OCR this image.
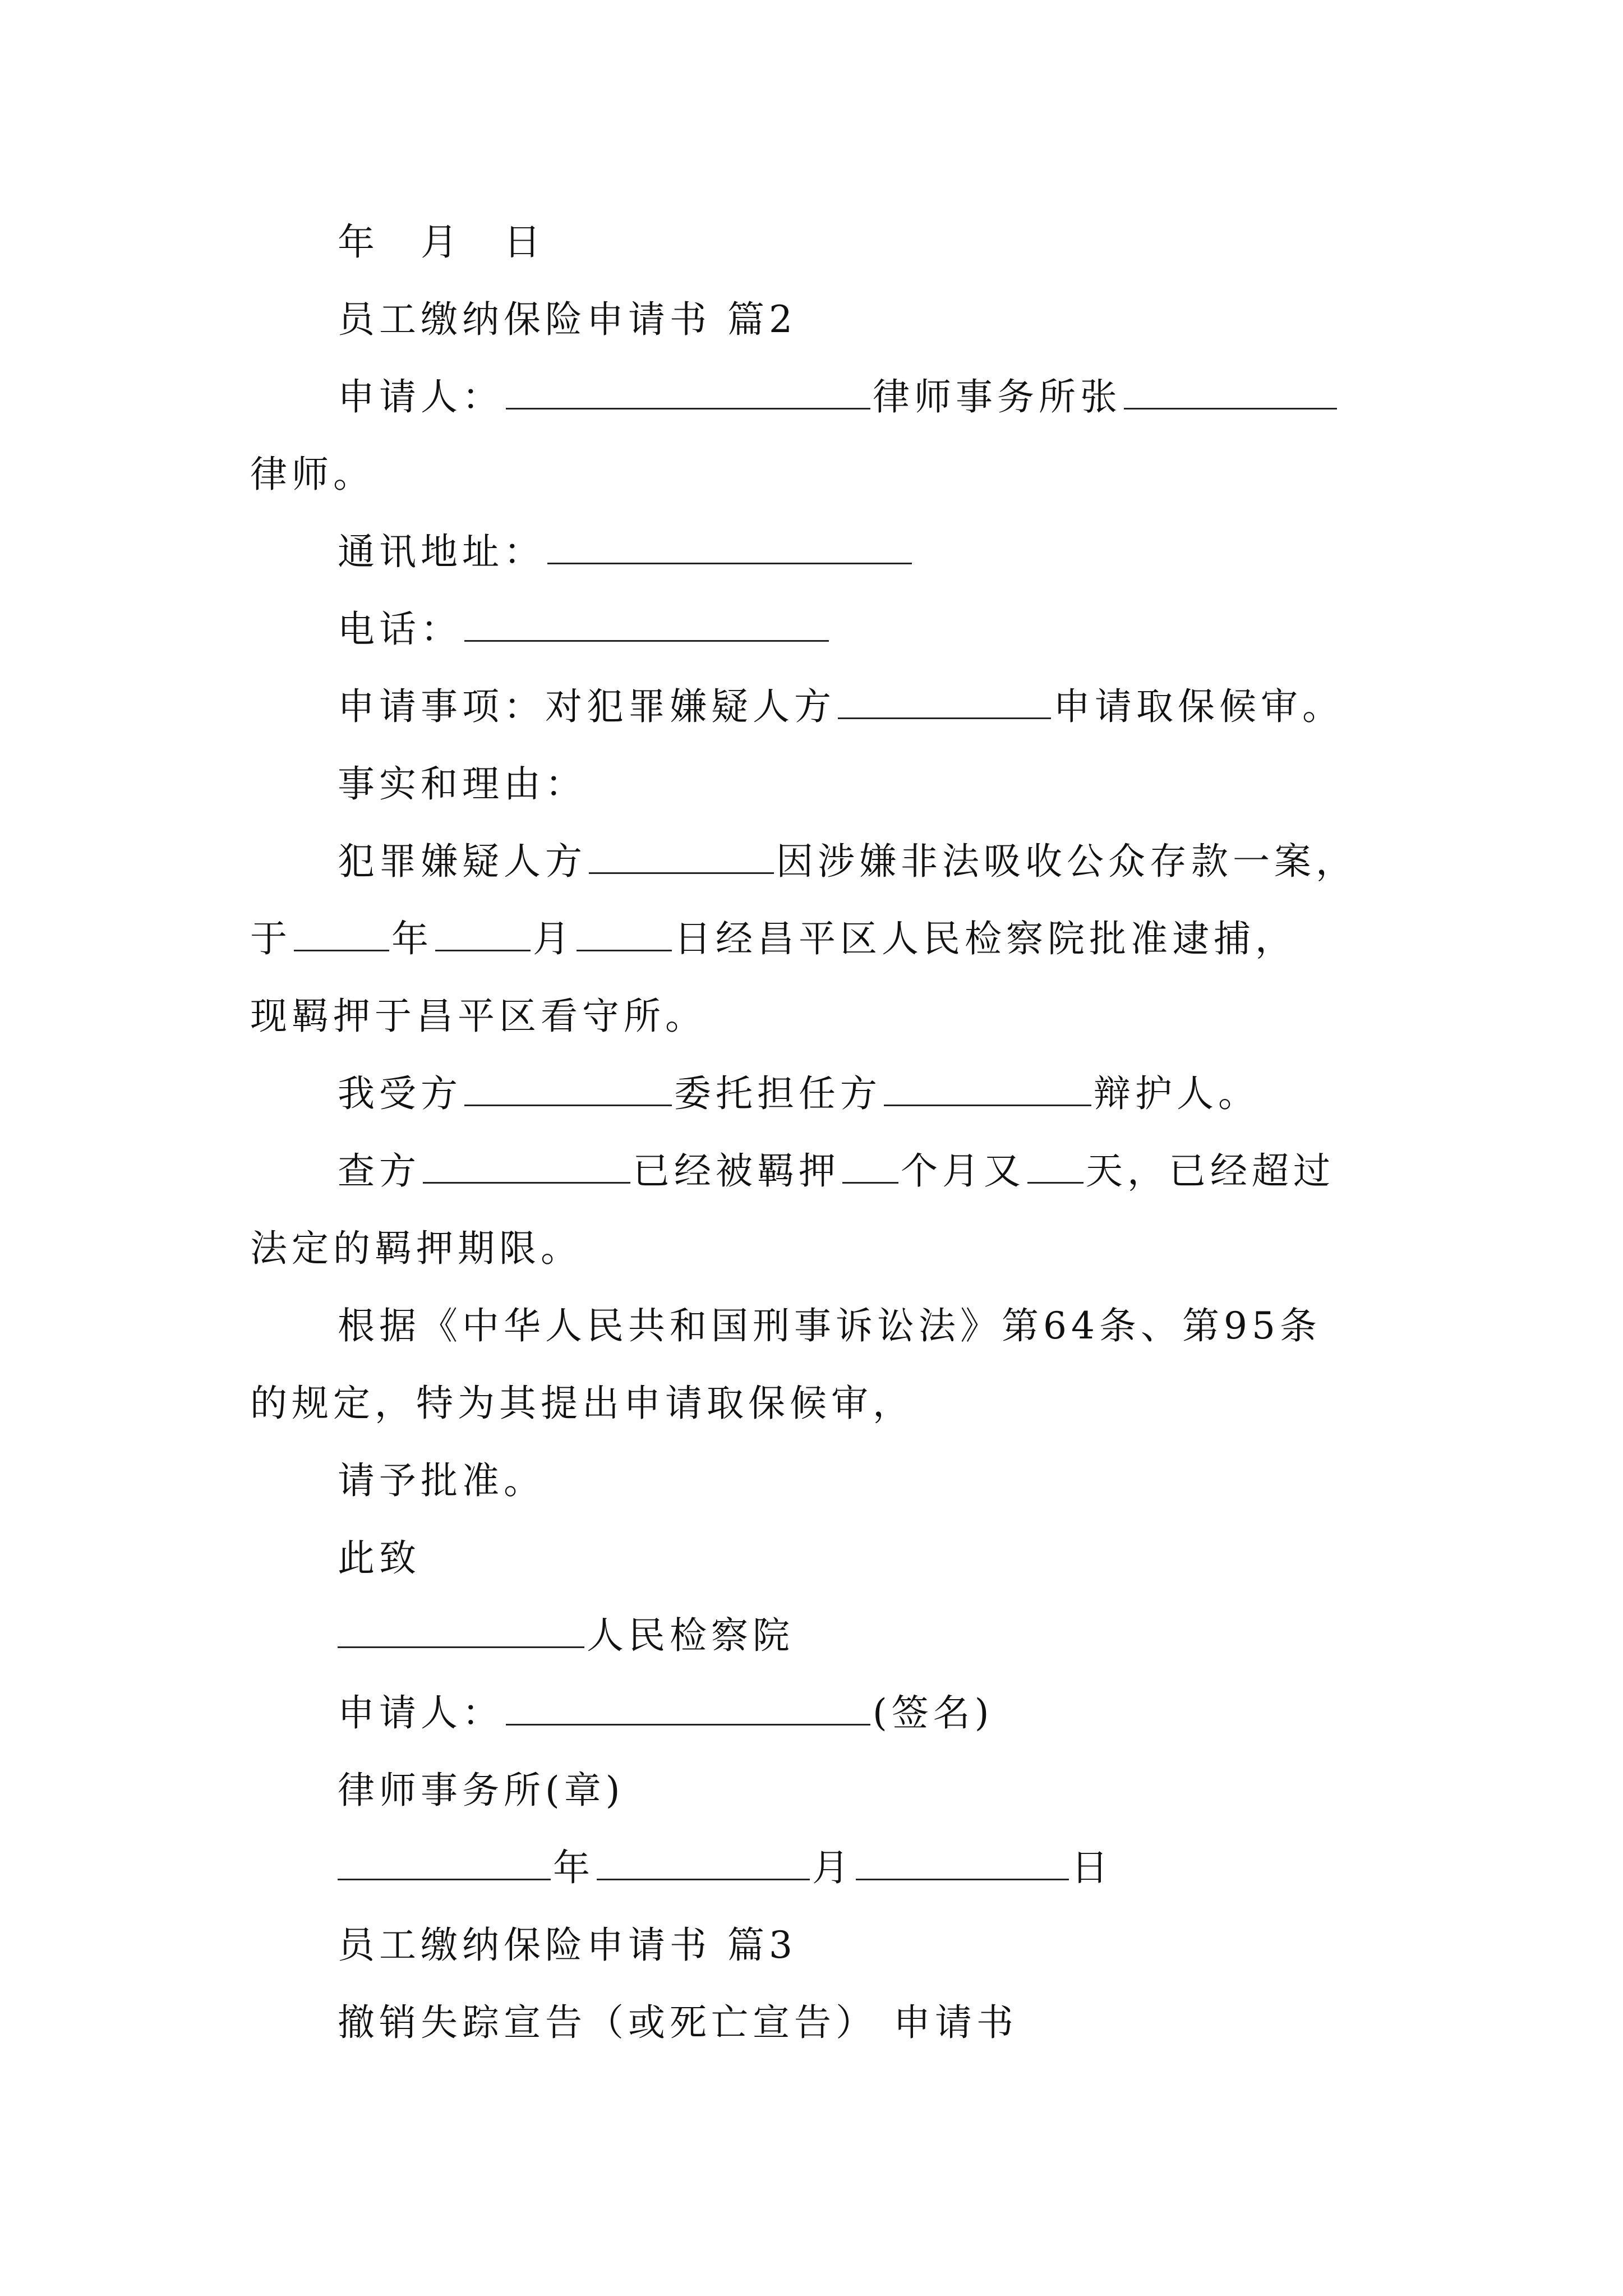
年　月　日
员工缴纳保险申请书 篇2
申请人：	律师事务所张
律师。
通讯地址：
电话：
申请事项：对犯罪嫌疑人方	申请取保候审。
事实和理由：
犯罪嫌疑人方	因涉嫌非法吸收公众存款一案，
于	年	月	日经昌平区人民检察院批准逮捕，
现羁押于昌平区看守所。
我受方	委托担任方	辩护人。
查方	已经被羁押 个月又 天，已经超过
法定的羁押期限。
根据《中华人民共和国刑事诉讼法》第64条、第95条
的规定，特为其提出申请取保候审，
请予批准。
此致
人民检察院
申请人：	(签名)
律师事务所(章)
年	月	日
员工缴纳保险申请书 篇3
撤销失踪宣告（或死亡宣告） 申请书
